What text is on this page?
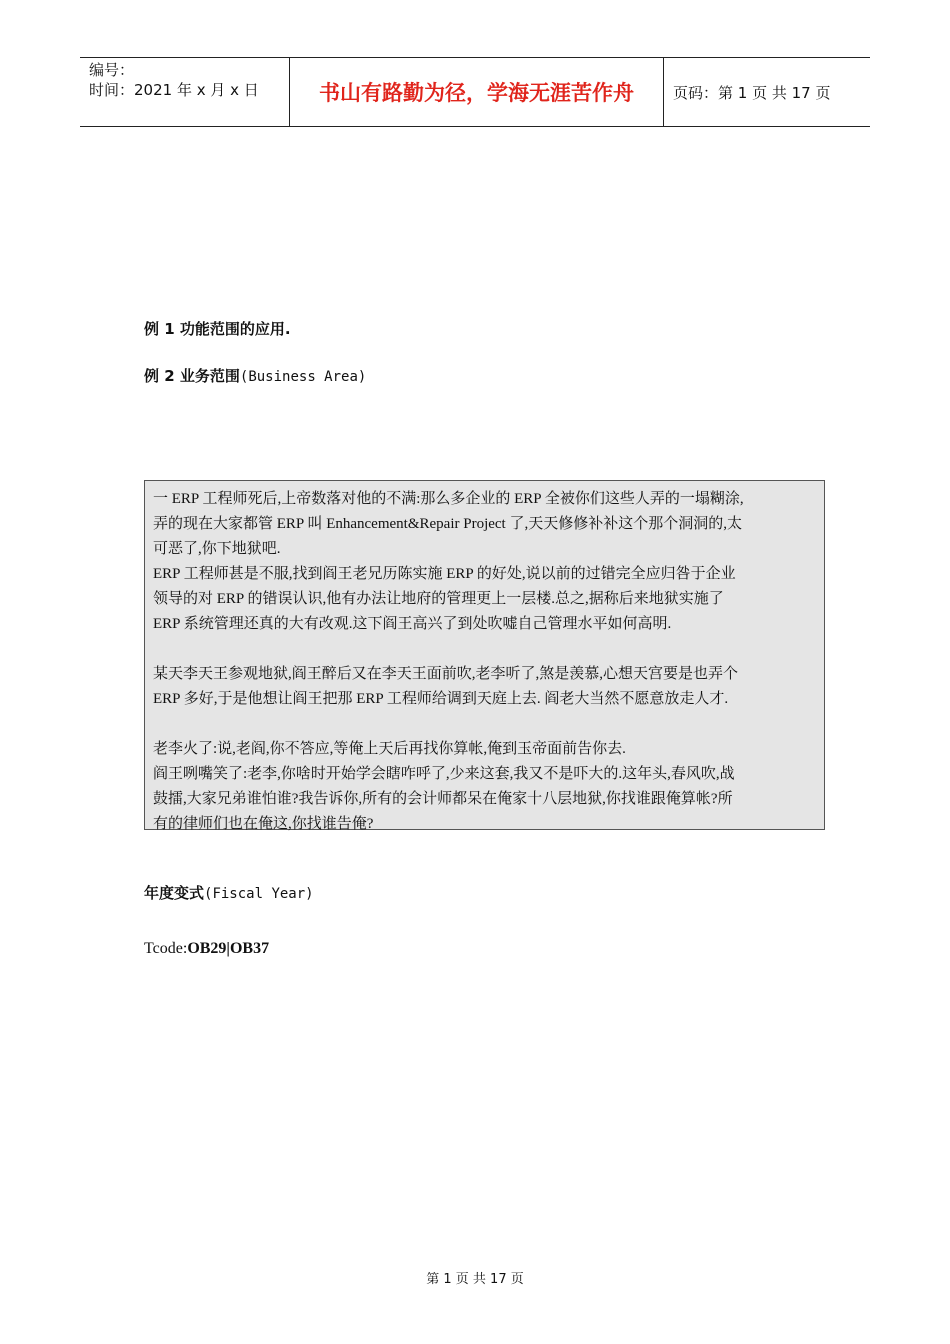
编号：
时间：2021 年 x 月 x 日	书山有路勤为径，学海无涯苦作舟	页码：第 1 页 共 17 页
例 1 功能范围的应用.
例 2 业务范围(Business Area)

一 ERP 工程师死后,上帝数落对他的不满:那么多企业的 ERP 全被你们这些人弄的一塌糊涂,

弄的现在大家都管 ERP 叫 Enhancement&Repair Project 了,天天修修补补这个那个洞洞的,太

可恶了,你下地狱吧.

ERP 工程师甚是不服,找到阎王老兄历陈实施 ERP 的好处,说以前的过错完全应归咎于企业

领导的对 ERP 的错误认识,他有办法让地府的管理更上一层楼.总之,据称后来地狱实施了

ERP 系统管理还真的大有改观.这下阎王高兴了到处吹嘘自己管理水平如何高明.

某天李天王参观地狱,阎王醉后又在李天王面前吹,老李听了,煞是羡慕,心想天宫要是也弄个

ERP 多好,于是他想让阎王把那 ERP 工程师给调到天庭上去. 阎老大当然不愿意放走人才.

老李火了:说,老阎,你不答应,等俺上天后再找你算帐,俺到玉帝面前告你去.

阎王咧嘴笑了:老李,你啥时开始学会瞎咋呼了,少来这套,我又不是吓大的.这年头,春风吹,战

鼓擂,大家兄弟谁怕谁?我告诉你,所有的会计师都呆在俺家十八层地狱,你找谁跟俺算帐?所

有的律师们也在俺这,你找谁告俺?

年度变式(Fiscal Year)
Tcode:OB29|OB37
第 1 页 共 17 页
